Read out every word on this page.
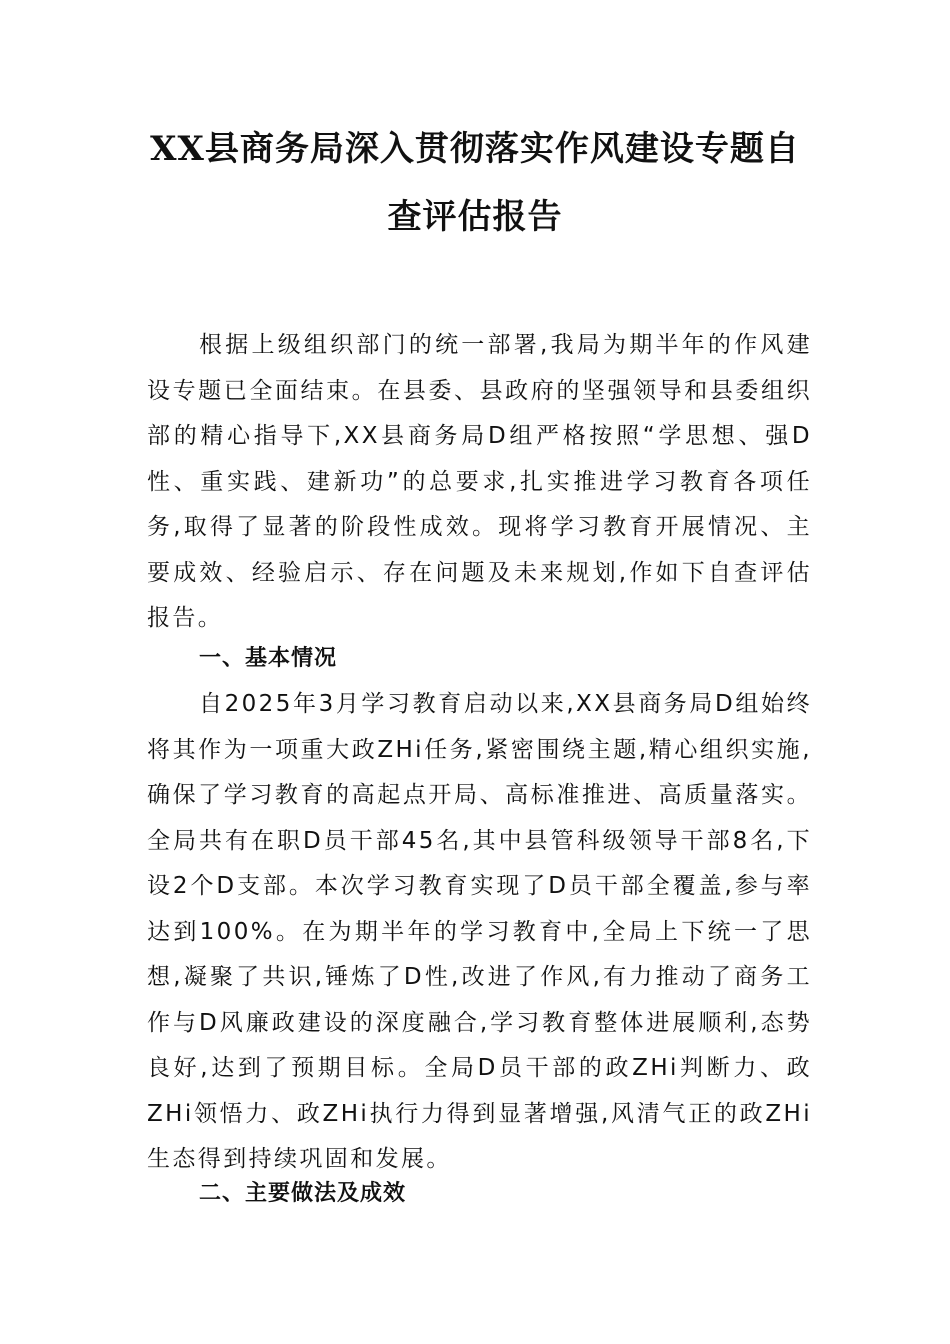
XX县商务局深入贯彻落实作风建设专题自
查评估报告

根据上级组织部门的统一部署,我局为期半年的作风建设专题已全面结束。在县委、县政府的坚强领导和县委组织部的精心指导下,XX县商务局D组严格按照“学思想、强D性、重实践、建新功”的总要求,扎实推进学习教育各项任务,取得了显著的阶段性成效。现将学习教育开展情况、主要成效、经验启示、存在问题及未来规划,作如下自查评估报告。

一、基本情况

自2025年3月学习教育启动以来,XX县商务局D组始终将其作为一项重大政ZHi任务,紧密围绕主题,精心组织实施,确保了学习教育的高起点开局、高标准推进、高质量落实。全局共有在职D员干部45名,其中县管科级领导干部8名,下设2个D支部。本次学习教育实现了D员干部全覆盖,参与率达到100%。在为期半年的学习教育中,全局上下统一了思想,凝聚了共识,锤炼了D性,改进了作风,有力推动了商务工作与D风廉政建设的深度融合,学习教育整体进展顺利,态势良好,达到了预期目标。全局D员干部的政ZHi判断力、政ZHi领悟力、政ZHi执行力得到显著增强,风清气正的政ZHi生态得到持续巩固和发展。

二、主要做法及成效
